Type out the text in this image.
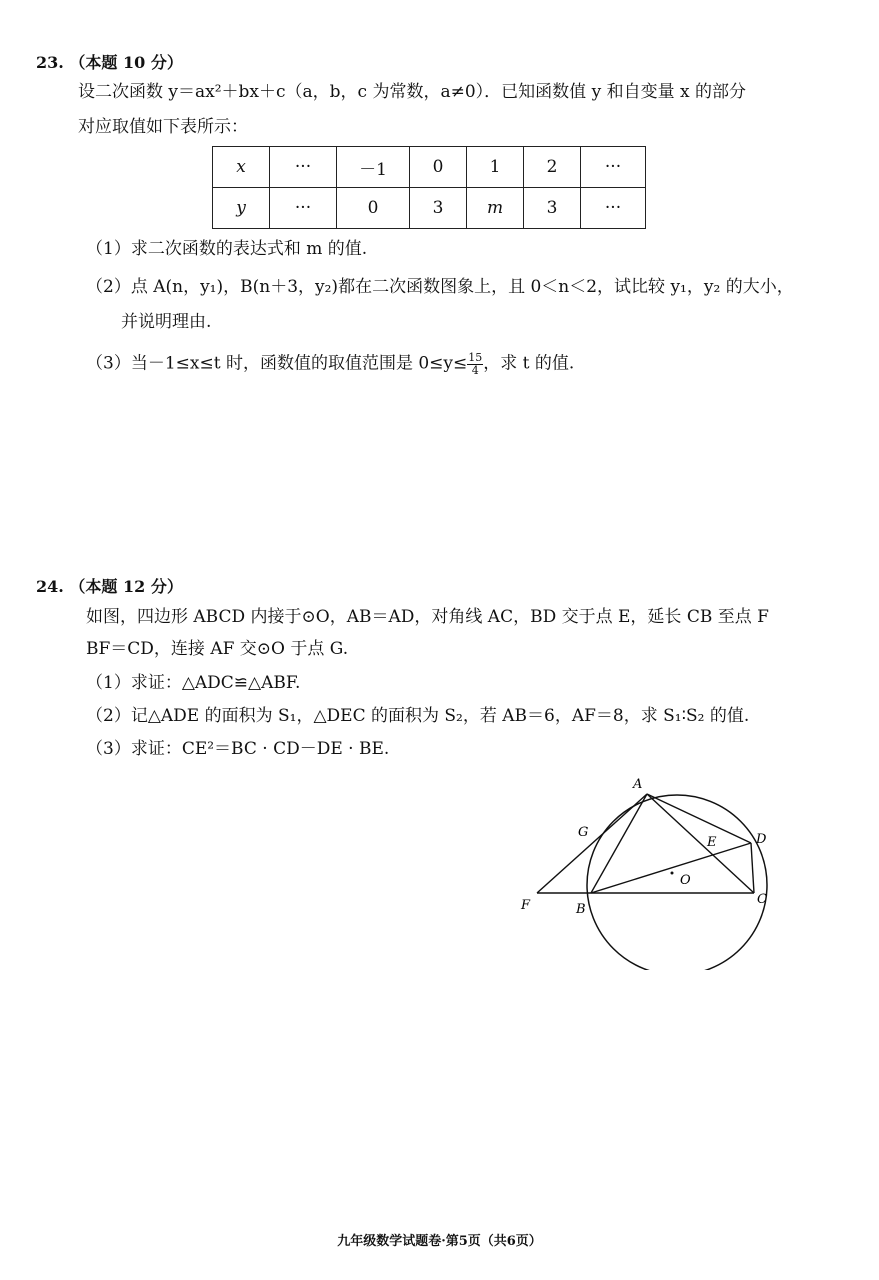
23. （本题 10 分）
设二次函数 y＝ax²＋bx＋c（a，b，c 为常数，a≠0）．已知函数值 y 和自变量 x 的部分
对应取值如下表所示：
x	···	－1	0	1	2	···
y	···	0	3	m	3	···
（1）求二次函数的表达式和 m 的值.
（2）点 A(n，y₁)，B(n＋3，y₂)都在二次函数图象上，且 0＜n＜2，试比较 y₁，y₂ 的大小，
并说明理由.
（3）当－1≤x≤t 时，函数值的取值范围是 $0\le y\le \frac{15}{4}$ ，求 t 的值.
24. （本题 12 分）
如图，四边形 ABCD 内接于⊙O，AB＝AD，对角线 AC，BD 交于点 E，延长 CB 至点 F
BF＝CD，连接 AF 交⊙O 于点 G.
（1）求证：△ADC≌△ABF.
（2）记△ADE 的面积为 S₁，△DEC 的面积为 S₂，若 AB＝6，AF＝8，求 S₁∶S₂ 的值.
（3）求证：CE²＝BC · CD－DE · BE.
A
G
E	D
O
F	B
C
九年级数学试题卷·第5页（共6页）
